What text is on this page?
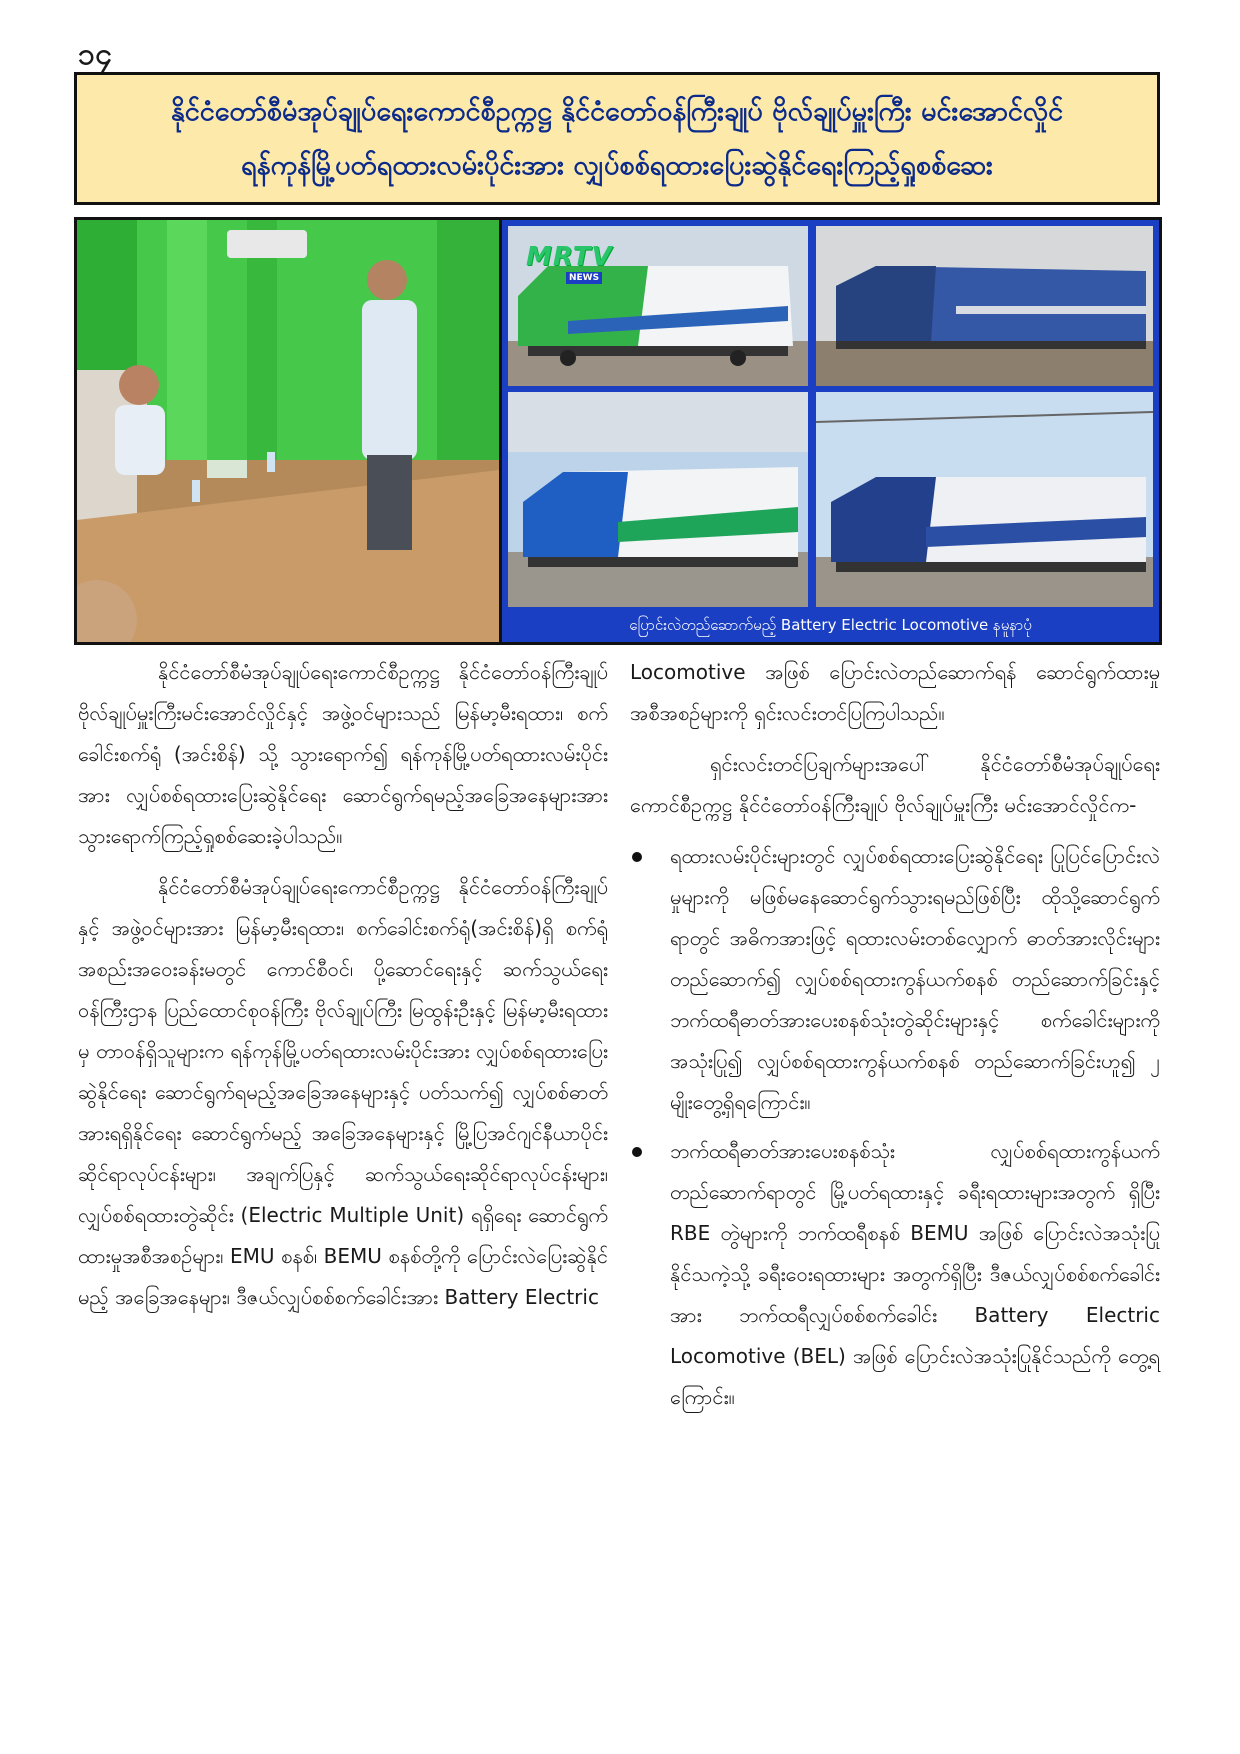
၁၄
နိုင်ငံတော်စီမံအုပ်ချုပ်ရေးကောင်စီဥက္ကဋ္ဌ နိုင်ငံတော်ဝန်ကြီးချုပ် ဗိုလ်ချုပ်မှူးကြီး မင်းအောင်လှိုင်
ရန်ကုန်မြို့ပတ်ရထားလမ်းပိုင်းအား လျှပ်စစ်ရထားပြေးဆွဲနိုင်ရေးကြည့်ရှုစစ်ဆေး
MRTV
NEWS
ပြောင်းလဲတည်ဆောက်မည့် Battery Electric Locomotive နမူနာပုံ

နိုင်ငံတော်စီမံအုပ်ချုပ်ရေးကောင်စီဥက္ကဋ္ဌ နိုင်ငံတော်ဝန်ကြီးချုပ် ဗိုလ်ချုပ်မှူးကြီးမင်းအောင်လှိုင်နှင့် အဖွဲ့ဝင်များသည် မြန်မာ့မီးရထား၊ စက်ခေါင်းစက်ရုံ (အင်းစိန်) သို့ သွားရောက်၍ ရန်ကုန်မြို့ပတ်ရထားလမ်းပိုင်းအား လျှပ်စစ်ရထားပြေးဆွဲနိုင်ရေး ဆောင်ရွက်ရမည့်အခြေအနေများအား သွားရောက်ကြည့်ရှုစစ်ဆေးခဲ့ပါသည်။

နိုင်ငံတော်စီမံအုပ်ချုပ်ရေးကောင်စီဥက္ကဋ္ဌ နိုင်ငံတော်ဝန်ကြီးချုပ်နှင့် အဖွဲ့ဝင်များအား မြန်မာ့မီးရထား၊ စက်ခေါင်းစက်ရုံ(အင်းစိန်)ရှိ စက်ရုံအစည်းအဝေးခန်းမတွင် ကောင်စီဝင်၊ ပို့ဆောင်ရေးနှင့် ဆက်သွယ်ရေးဝန်ကြီးဌာန ပြည်ထောင်စုဝန်ကြီး ဗိုလ်ချုပ်ကြီး မြထွန်းဦးနှင့် မြန်မာ့မီးရထားမှ တာဝန်ရှိသူများက ရန်ကုန်မြို့ပတ်ရထားလမ်းပိုင်းအား လျှပ်စစ်ရထားပြေးဆွဲနိုင်ရေး ဆောင်ရွက်ရမည့်အခြေအနေများနှင့် ပတ်သက်၍ လျှပ်စစ်ဓာတ်အားရရှိနိုင်ရေး ဆောင်ရွက်မည့် အခြေအနေများနှင့် မြို့ပြအင်ဂျင်နီယာပိုင်းဆိုင်ရာလုပ်ငန်းများ၊ အချက်ပြနှင့် ဆက်သွယ်ရေးဆိုင်ရာလုပ်ငန်းများ၊ လျှပ်စစ်ရထားတွဲဆိုင်း (Electric Multiple Unit) ရရှိရေး ဆောင်ရွက်ထားမှုအစီအစဉ်များ၊ EMU စနစ်၊ BEMU စနစ်တို့ကို ပြောင်းလဲပြေးဆွဲနိုင်မည့် အခြေအနေများ၊ ဒီဇယ်လျှပ်စစ်စက်ခေါင်းအား Battery Electric

Locomotive အဖြစ် ပြောင်းလဲတည်ဆောက်ရန် ဆောင်ရွက်ထားမှု အစီအစဉ်များကို ရှင်းလင်းတင်ပြကြပါသည်။

ရှင်းလင်းတင်ပြချက်များအပေါ် နိုင်ငံတော်စီမံအုပ်ချုပ်ရေးကောင်စီဥက္ကဋ္ဌ နိုင်ငံတော်ဝန်ကြီးချုပ် ဗိုလ်ချုပ်မှူးကြီး မင်းအောင်လှိုင်က-

ရထားလမ်းပိုင်းများတွင် လျှပ်စစ်ရထားပြေးဆွဲနိုင်ရေး ပြုပြင်ပြောင်းလဲမှုများကို မဖြစ်မနေဆောင်ရွက်သွားရမည်ဖြစ်ပြီး ထိုသို့ဆောင်ရွက်ရာတွင် အဓိကအားဖြင့် ရထားလမ်းတစ်လျှောက် ဓာတ်အားလိုင်းများ တည်ဆောက်၍ လျှပ်စစ်ရထားကွန်ယက်စနစ် တည်ဆောက်ခြင်းနှင့် ဘက်ထရီဓာတ်အားပေးစနစ်သုံးတွဲဆိုင်းများနှင့် စက်ခေါင်းများကို အသုံးပြု၍ လျှပ်စစ်ရထားကွန်ယက်စနစ် တည်ဆောက်ခြင်းဟူ၍ ၂ မျိုးတွေ့ရှိရကြောင်း။
ဘက်ထရီဓာတ်အားပေးစနစ်သုံး လျှပ်စစ်ရထားကွန်ယက် တည်ဆောက်ရာတွင် မြို့ပတ်ရထားနှင့် ခရီးရထားများအတွက် ရှိပြီး RBE တွဲများကို ဘက်ထရီစနစ် BEMU အဖြစ် ပြောင်းလဲအသုံးပြုနိုင်သကဲ့သို့ ခရီးဝေးရထားများ အတွက်ရှိပြီး ဒီဇယ်လျှပ်စစ်စက်ခေါင်းအား ဘက်ထရီလျှပ်စစ်စက်ခေါင်း Battery Electric Locomotive (BEL) အဖြစ် ပြောင်းလဲအသုံးပြုနိုင်သည်ကို တွေ့ရကြောင်း။
